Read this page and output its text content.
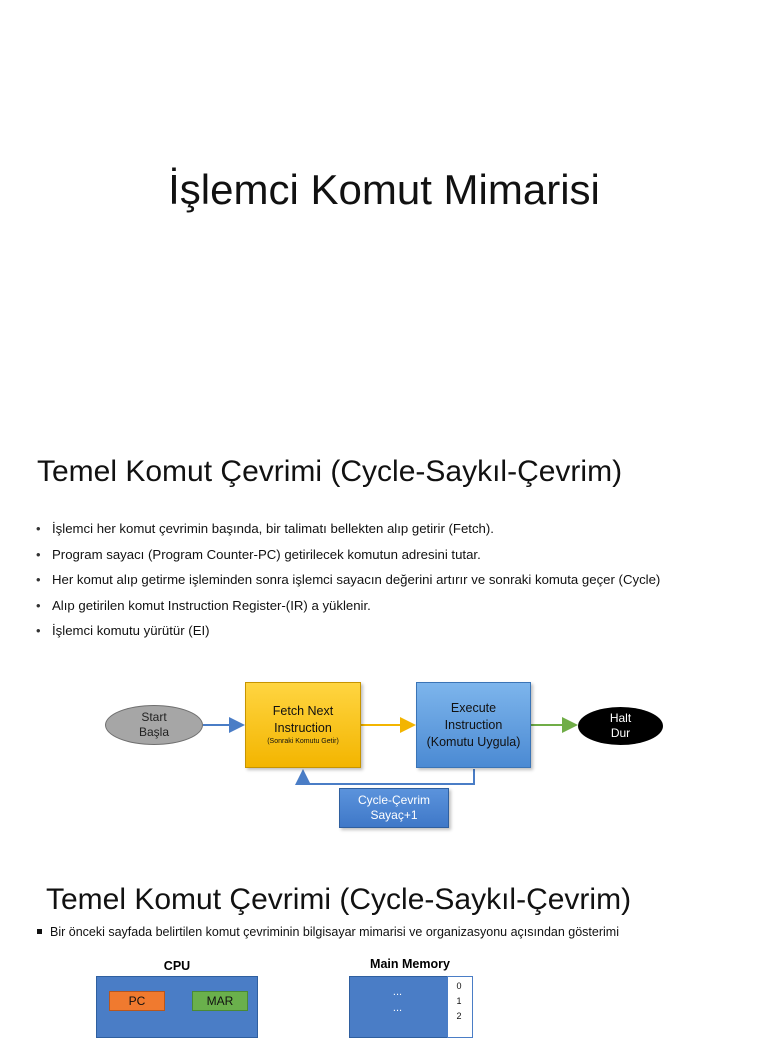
İşlemci Komut Mimarisi
Temel Komut Çevrimi (Cycle-Saykıl-Çevrim)
• İşlemci her komut çevrimin başında, bir talimatı bellekten alıp getirir (Fetch).
• Program sayacı (Program Counter-PC) getirilecek komutun adresini tutar.
• Her komut alıp getirme işleminden sonra işlemci sayacın değerini artırır ve sonraki komuta geçer (Cycle)
• Alıp getirilen komut Instruction Register-(IR) a yüklenir.
• İşlemci komutu yürütür (EI)
Start
Başla
Fetch Next
Instruction
(Sonraki Komutu Getir)
Execute
Instruction
(Komutu Uygula)
Halt
Dur
Cycle-Çevrim
Sayaç+1
Temel Komut Çevrimi (Cycle-Saykıl-Çevrim)
Bir önceki sayfada belirtilen komut çevriminin bilgisayar mimarisi ve organizasyonu açısından gösterimi
CPU
PC	MAR
Main Memory
...
...
0
1
2
